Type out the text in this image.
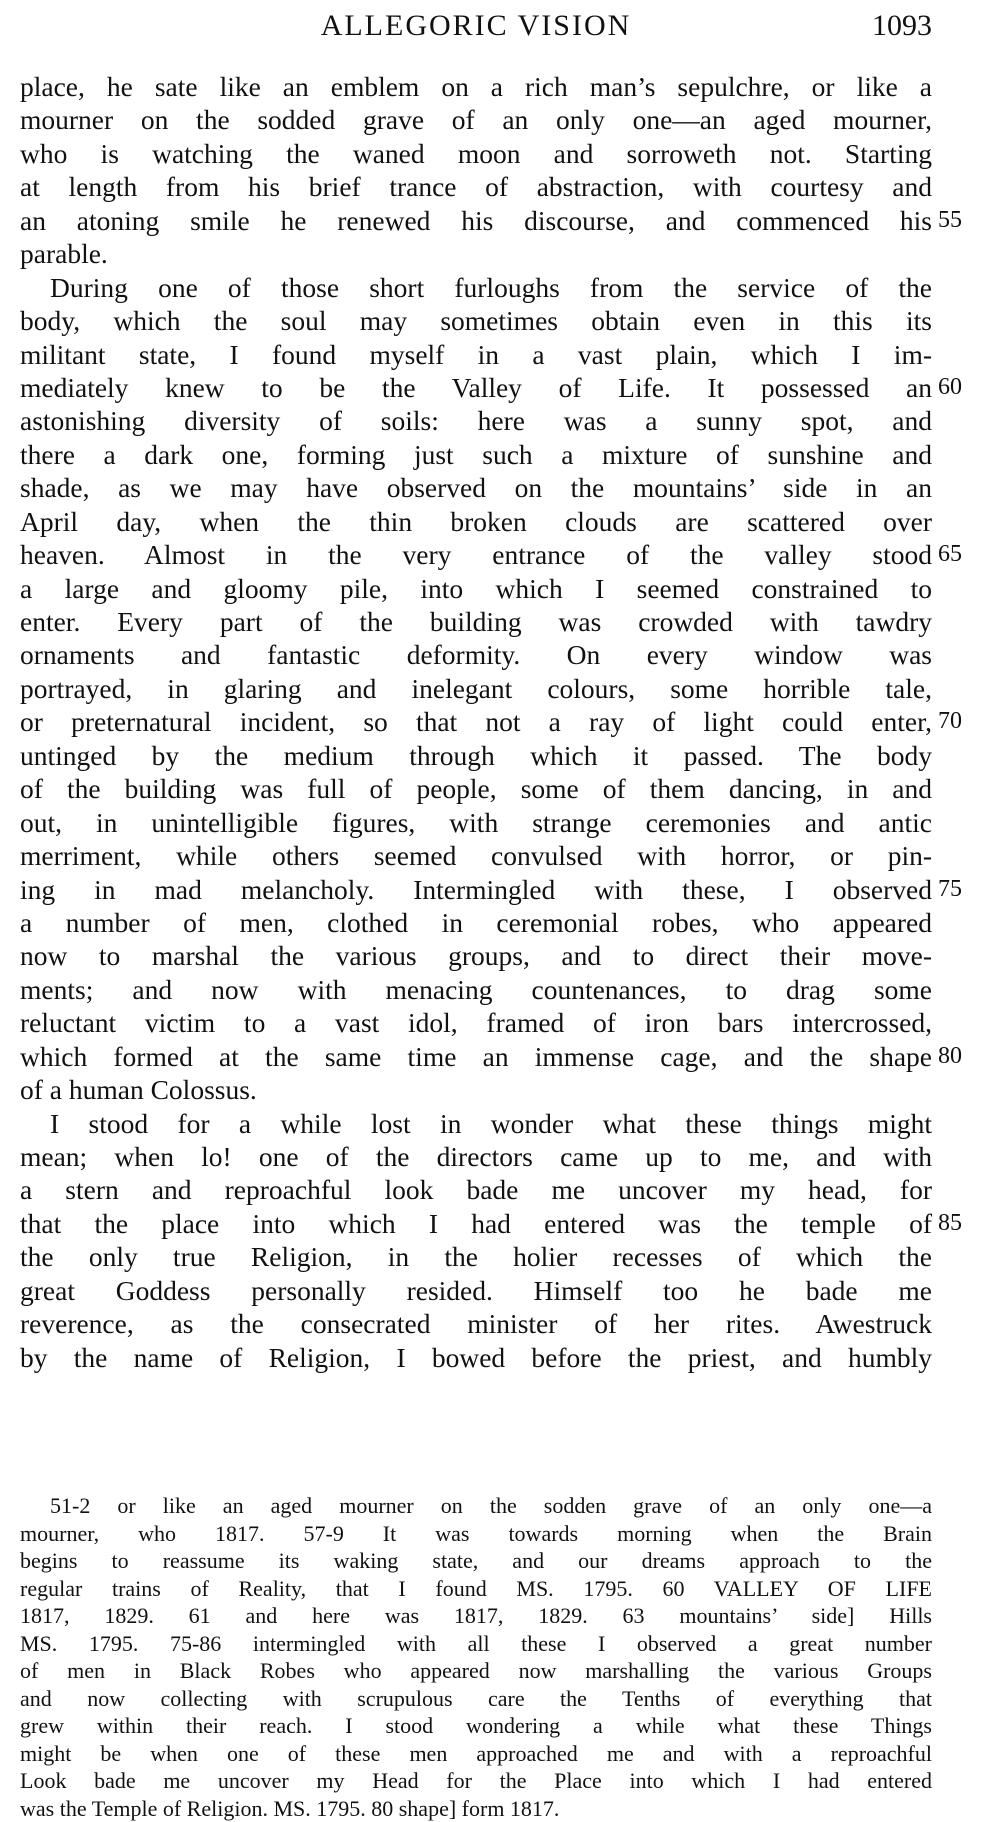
ALLEGORIC VISION	1093
place, he sate like an emblem on a rich man’s sepulchre, or like a
mourner on the sodded grave of an only one—an aged mourner,
who is watching the waned moon and sorroweth not. Starting
at length from his brief trance of abstraction, with courtesy and
an atoning smile he renewed his discourse, and commenced his 55
parable.
During one of those short furloughs from the service of the
body, which the soul may sometimes obtain even in this its
militant state, I found myself in a vast plain, which I im-
mediately knew to be the Valley of Life. It possessed an 60
astonishing diversity of soils: here was a sunny spot, and
there a dark one, forming just such a mixture of sunshine and
shade, as we may have observed on the mountains’ side in an
April day, when the thin broken clouds are scattered over
heaven. Almost in the very entrance of the valley stood 65
a large and gloomy pile, into which I seemed constrained to
enter. Every part of the building was crowded with tawdry
ornaments and fantastic deformity. On every window was
portrayed, in glaring and inelegant colours, some horrible tale,
or preternatural incident, so that not a ray of light could enter, 70
untinged by the medium through which it passed. The body
of the building was full of people, some of them dancing, in and
out, in unintelligible figures, with strange ceremonies and antic
merriment, while others seemed convulsed with horror, or pin-
ing in mad melancholy. Intermingled with these, I observed 75
a number of men, clothed in ceremonial robes, who appeared
now to marshal the various groups, and to direct their move-
ments; and now with menacing countenances, to drag some
reluctant victim to a vast idol, framed of iron bars intercrossed,
which formed at the same time an immense cage, and the shape 80
of a human Colossus.
I stood for a while lost in wonder what these things might
mean; when lo! one of the directors came up to me, and with
a stern and reproachful look bade me uncover my head, for
that the place into which I had entered was the temple of 85
the only true Religion, in the holier recesses of which the
great Goddess personally resided. Himself too he bade me
reverence, as the consecrated minister of her rites. Awestruck
by the name of Religion, I bowed before the priest, and humbly
51-2 or like an aged mourner on the sodden grave of an only one—a
mourner, who 1817. 57-9 It was towards morning when the Brain
begins to reassume its waking state, and our dreams approach to the
regular trains of Reality, that I found MS. 1795. 60 VALLEY OF LIFE
1817, 1829. 61 and here was 1817, 1829. 63 mountains’ side] Hills
MS. 1795. 75-86 intermingled with all these I observed a great number
of men in Black Robes who appeared now marshalling the various Groups
and now collecting with scrupulous care the Tenths of everything that
grew within their reach. I stood wondering a while what these Things
might be when one of these men approached me and with a reproachful
Look bade me uncover my Head for the Place into which I had entered
was the Temple of Religion. MS. 1795. 80 shape] form 1817.
